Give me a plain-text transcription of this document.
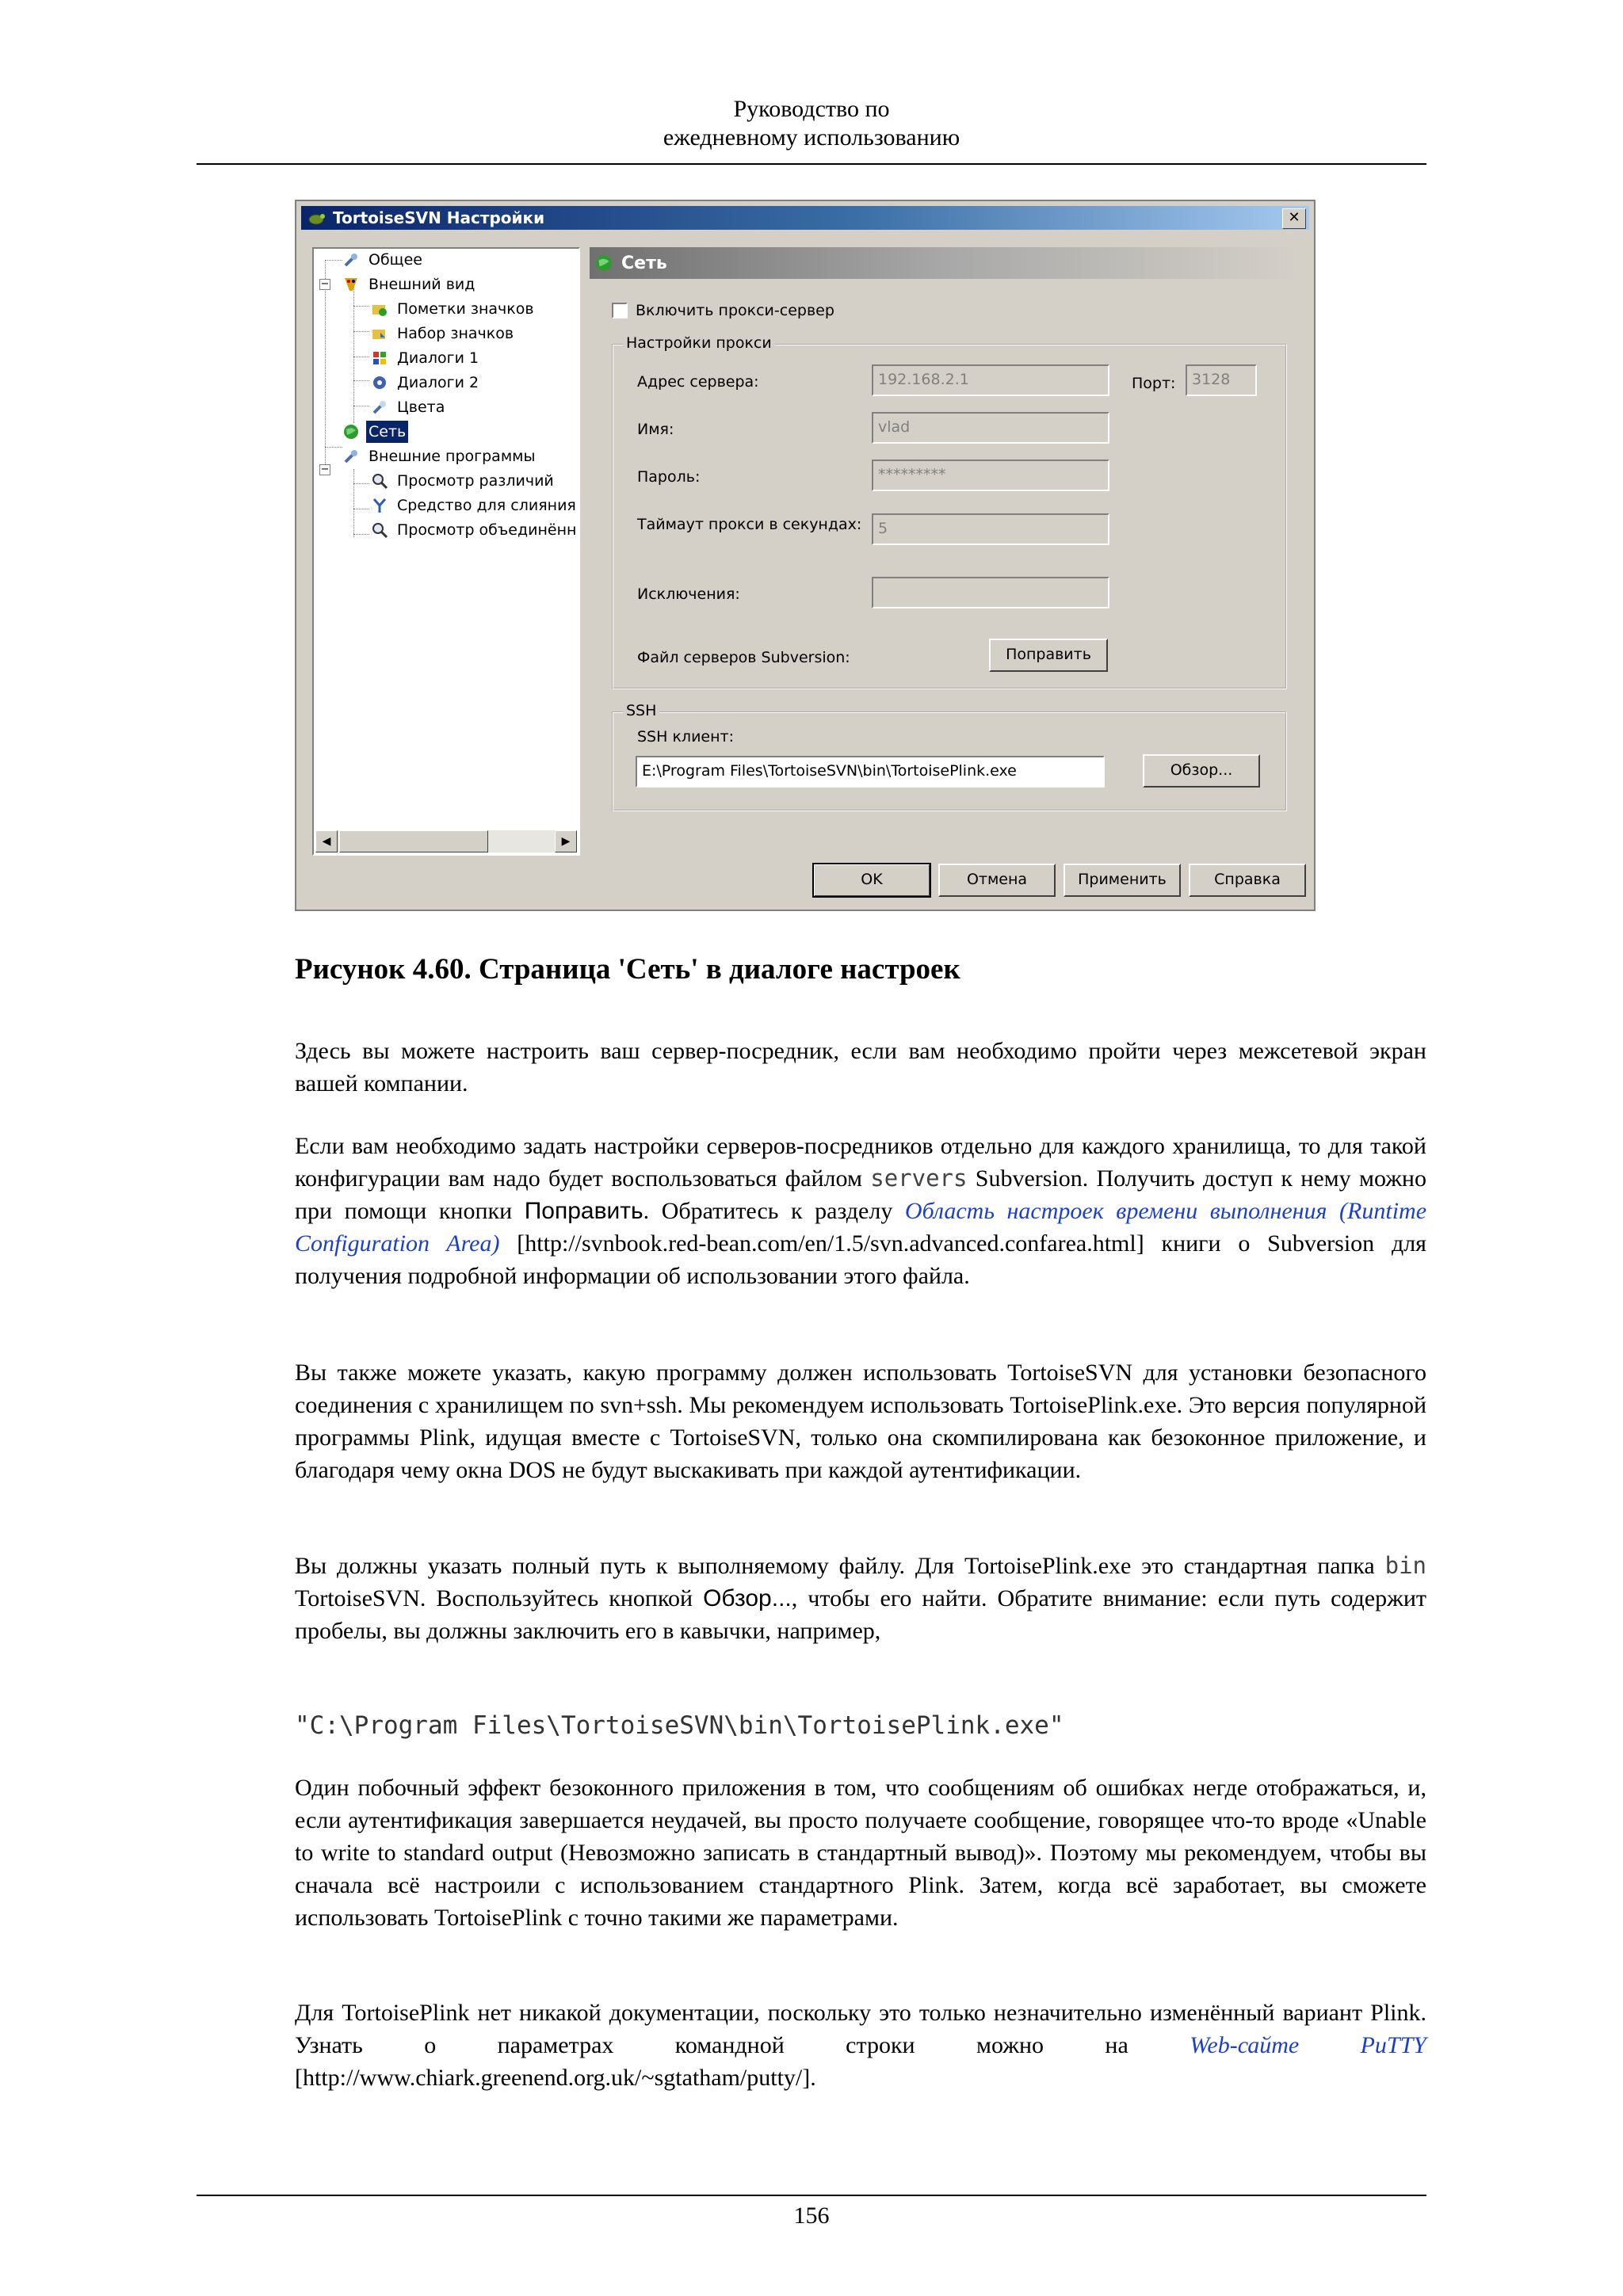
Руководство по
ежедневному использованию
TortoiseSVN Настройки	✕
−
−
Общее
Внешний вид
Пометки значков
Набор значков
Диалоги 1
Диалоги 2
Цвета
Сеть
Внешние программы
Просмотр различий
Средство для слияния
Просмотр объединённ
◀	▶
Сеть
Включить прокси-сервер
Настройки прокси
Адрес сервера:	192.168.2.1	Порт:	3128
Имя:	vlad
Пароль:	*********
Таймаут прокси в секундах:	5
Исключения:
Файл серверов Subversion:	Поправить
SSH
SSH клиент:
E:\Program Files\TortoiseSVN\bin\TortoisePlink.exe	Обзор...
OK	Отмена	Применить	Справка
Рисунок 4.60. Страница 'Сеть' в диалоге настроек
Здесь вы можете настроить ваш сервер-посредник, если вам необходимо пройти через межсетевой экран вашей компании.
Если вам необходимо задать настройки серверов-посредников отдельно для каждого хранилища, то для такой конфигурации вам надо будет воспользоваться файлом servers Subversion. Получить доступ к нему можно при помощи кнопки Поправить. Обратитесь к разделу Область настроек времени выполнения (Runtime Configuration Area) [http://svnbook.red-bean.com/en/1.5/svn.advanced.confarea.html] книги о Subversion для получения подробной информации об использовании этого файла.
Вы также можете указать, какую программу должен использовать TortoiseSVN для установки безопасного соединения с хранилищем по svn+ssh. Мы рекомендуем использовать TortoisePlink.exe. Это версия популярной программы Plink, идущая вместе с TortoiseSVN, только она скомпилирована как безоконное приложение, и благодаря чему окна DOS не будут выскакивать при каждой аутентификации.
Вы должны указать полный путь к выполняемому файлу. Для TortoisePlink.exe это стандартная папка bin TortoiseSVN. Воспользуйтесь кнопкой Обзор..., чтобы его найти. Обратите внимание: если путь содержит пробелы, вы должны заключить его в кавычки, например,
"C:\Program Files\TortoiseSVN\bin\TortoisePlink.exe"
Один побочный эффект безоконного приложения в том, что сообщениям об ошибках негде отображаться, и, если аутентификация завершается неудачей, вы просто получаете сообщение, говорящее что-то вроде «Unable to write to standard output (Невозможно записать в стандартный вывод)». Поэтому мы рекомендуем, чтобы вы сначала всё настроили с использованием стандартного Plink. Затем, когда всё заработает, вы сможете использовать TortoisePlink с точно такими же параметрами.
Для TortoisePlink нет никакой документации, поскольку это только незначительно изменённый вариант Plink. Узнать о параметрах командной строки можно на Web-сайте PuTTY [http://www.chiark.greenend.org.uk/~sgtatham/putty/].
156
